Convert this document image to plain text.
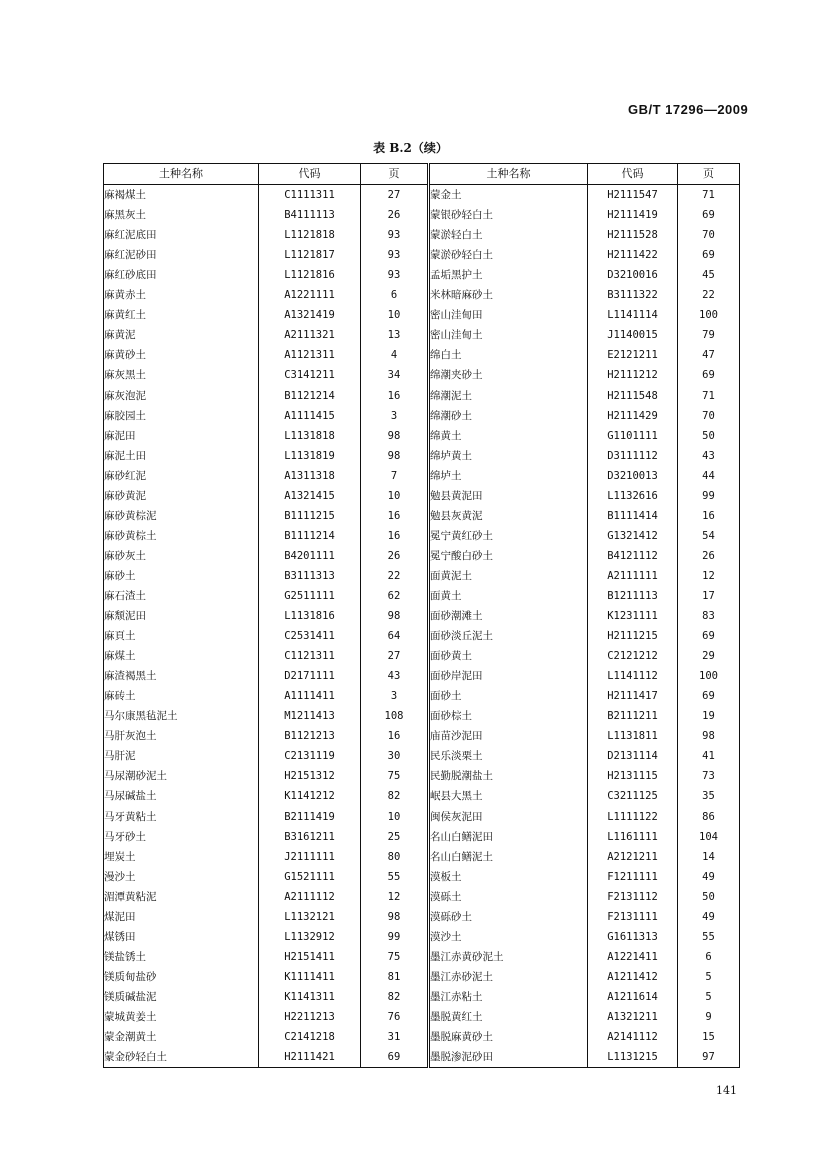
GB/T 17296—2009
表 B.2（续）
土种名称	代码	页	土种名称	代码	页
麻褐煤土	C1111311	27	蒙金土	H2111547	71
麻黑灰土	B4111113	26	蒙银砂轻白土	H2111419	69
麻红泥底田	L1121818	93	蒙淤轻白土	H2111528	70
麻红泥砂田	L1121817	93	蒙淤砂轻白土	H2111422	69
麻红砂底田	L1121816	93	孟垢黑护土	D3210016	45
麻黄赤土	A1221111	6	米林暗麻砂土	B3111322	22
麻黄红土	A1321419	10	密山洼甸田	L1141114	100
麻黄泥	A2111321	13	密山洼甸土	J1140015	79
麻黄砂土	A1121311	4	绵白土	E2121211	47
麻灰黑土	C3141211	34	绵潮夹砂土	H2111212	69
麻灰泡泥	B1121214	16	绵潮泥土	H2111548	71
麻胶园土	A1111415	3	绵潮砂土	H2111429	70
麻泥田	L1131818	98	绵黄土	G1101111	50
麻泥土田	L1131819	98	绵垆黄土	D3111112	43
麻砂红泥	A1311318	7	绵垆土	D3210013	44
麻砂黄泥	A1321415	10	勉县黄泥田	L1132616	99
麻砂黄棕泥	B1111215	16	勉县灰黄泥	B1111414	16
麻砂黄棕土	B1111214	16	冕宁黄红砂土	G1321412	54
麻砂灰土	B4201111	26	冕宁酸白砂土	B4121112	26
麻砂土	B3111313	22	面黄泥土	A2111111	12
麻石渣土	G2511111	62	面黄土	B1211113	17
麻颓泥田	L1131816	98	面砂潮滩土	K1231111	83
麻頁土	C2531411	64	面砂淡丘泥土	H2111215	69
麻煤土	C1121311	27	面砂黄土	C2121212	29
麻渣褐黑土	D2171111	43	面砂岸泥田	L1141112	100
麻砖土	A1111411	3	面砂土	H2111417	69
马尔康黑毡泥土	M1211413	108	面砂棕土	B2111211	19
马肝灰泡土	B1121213	16	庙苗沙泥田	L1131811	98
马肝泥	C2131119	30	民乐淡栗土	D2131114	41
马尿潮砂泥土	H2151312	75	民勤脱潮盐土	H2131115	73
马尿碱盐土	K1141212	82	岷县大黑土	C3211125	35
马牙黄粘土	B2111419	10	闽侯灰泥田	L1111122	86
马牙砂土	B3161211	25	名山白鳝泥田	L1161111	104
埋炭土	J2111111	80	名山白鳝泥土	A2121211	14
漫沙土	G1521111	55	漠板土	F1211111	49
湄潭黄粘泥	A2111112	12	漠砾土	F2131112	50
煤泥田	L1132121	98	漠砾砂土	F2131111	49
煤锈田	L1132912	99	漠沙土	G1611313	55
镁盐锈土	H2151411	75	墨江赤黄砂泥土	A1221411	6
镁质甸盐砂	K1111411	81	墨江赤砂泥土	A1211412	5
镁质碱盐泥	K1141311	82	墨江赤粘土	A1211614	5
蒙城黄姜土	H2211213	76	墨脱黄红土	A1321211	9
蒙金潮黄土	C2141218	31	墨脱麻黄砂土	A2141112	15
蒙金砂轻白土	H2111421	69	墨脱渗泥砂田	L1131215	97
141
